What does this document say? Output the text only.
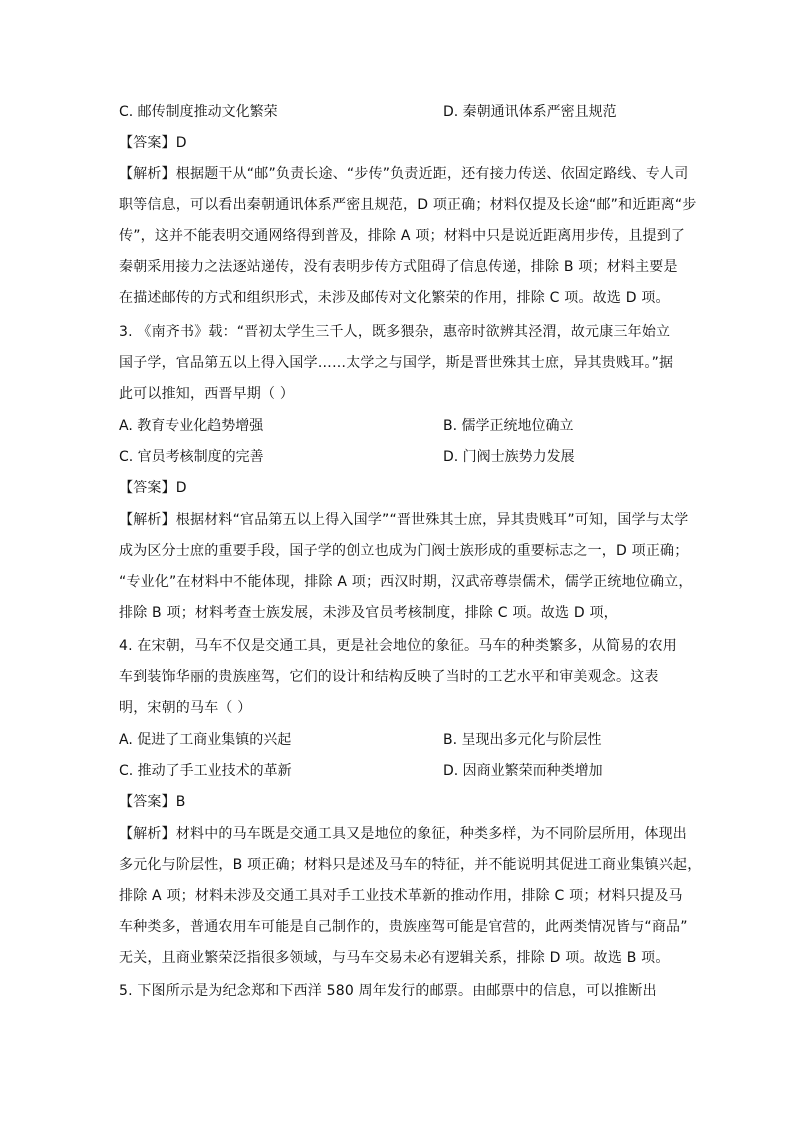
C. 邮传制度推动文化繁荣	D. 秦朝通讯体系严密且规范
【答案】D
【解析】根据题干从“邮”负责长途、“步传”负责近距，还有接力传送、依固定路线、专人司
职等信息，可以看出秦朝通讯体系严密且规范，D 项正确；材料仅提及长途“邮”和近距离“步
传”，这并不能表明交通网络得到普及，排除 A 项；材料中只是说近距离用步传，且提到了
秦朝采用接力之法逐站递传，没有表明步传方式阻碍了信息传递，排除 B 项；材料主要是
在描述邮传的方式和组织形式，未涉及邮传对文化繁荣的作用，排除 C 项。故选 D 项。
3. 《南齐书》载：“晋初太学生三千人，既多猥杂，惠帝时欲辨其泾渭，故元康三年始立
国子学，官品第五以上得入国学……太学之与国学，斯是晋世殊其士庶，异其贵贱耳。”据
此可以推知，西晋早期（ ）
A. 教育专业化趋势增强	B. 儒学正统地位确立
C. 官员考核制度的完善	D. 门阀士族势力发展
【答案】D
【解析】根据材料“官品第五以上得入国学”“晋世殊其士庶，异其贵贱耳”可知，国学与太学
成为区分士庶的重要手段，国子学的创立也成为门阀士族形成的重要标志之一，D 项正确；
“专业化”在材料中不能体现，排除 A 项；西汉时期，汉武帝尊崇儒术，儒学正统地位确立，
排除 B 项；材料考查士族发展，未涉及官员考核制度，排除 C 项。故选 D 项，
4. 在宋朝，马车不仅是交通工具，更是社会地位的象征。马车的种类繁多，从简易的农用
车到装饰华丽的贵族座驾，它们的设计和结构反映了当时的工艺水平和审美观念。这表
明，宋朝的马车（ ）
A. 促进了工商业集镇的兴起	B. 呈现出多元化与阶层性
C. 推动了手工业技术的革新	D. 因商业繁荣而种类增加
【答案】B
【解析】材料中的马车既是交通工具又是地位的象征，种类多样，为不同阶层所用，体现出
多元化与阶层性，B 项正确；材料只是述及马车的特征，并不能说明其促进工商业集镇兴起，
排除 A 项；材料未涉及交通工具对手工业技术革新的推动作用，排除 C 项；材料只提及马
车种类多，普通农用车可能是自己制作的，贵族座驾可能是官营的，此两类情况皆与“商品”
无关，且商业繁荣泛指很多领域，与马车交易未必有逻辑关系，排除 D 项。故选 B 项。
5. 下图所示是为纪念郑和下西洋 580 周年发行的邮票。由邮票中的信息，可以推断出
